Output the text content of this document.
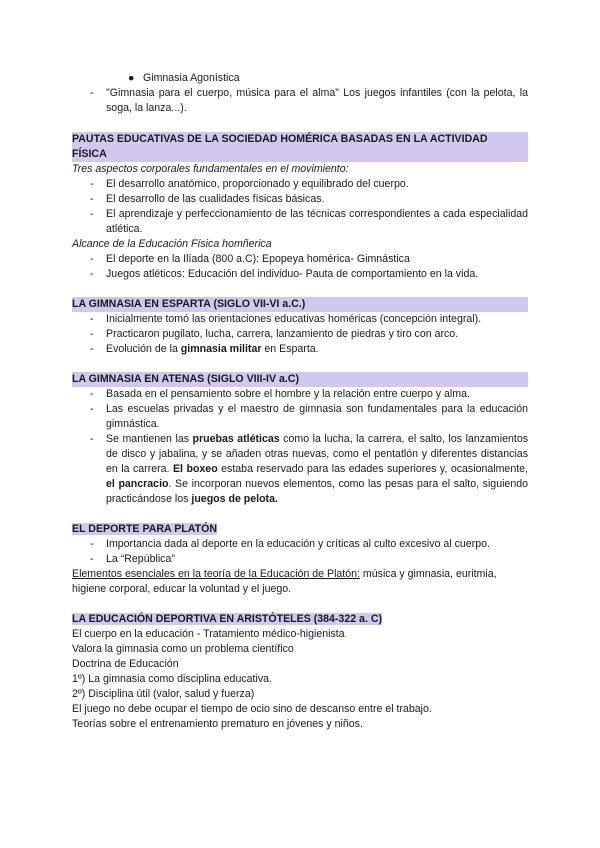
● Gimnasia Agonística

- "Gimnasia para el cuerpo, música para el alma" Los juegos infantiles (con la pelota, la soga, la lanza...).

PAUTAS EDUCATIVAS DE LA SOCIEDAD HOMÉRICA BASADAS EN LA ACTIVIDAD
FÍSICA

Tres aspectos corporales fundamentales en el movimiento:

- El desarrollo anatómico, proporcionado y equilibrado del cuerpo.

- El desarrollo de las cualidades físicas básicas.

- El aprendizaje y perfeccionamiento de las técnicas correspondientes a cada especialidad atlética.

Alcance de la Educación Física homñerica

- El deporte en la Ilíada (800 a.C): Epopeya homérica- Gimnástica

- Juegos atléticos: Educación del individuo- Pauta de comportamiento en la vida.

LA GIMNASIA EN ESPARTA (SIGLO VII-VI a.C.)

- Inicialmente tomó las orientaciones educativas homéricas (concepción integral).

- Practicaron pugilato, lucha, carrera, lanzamiento de piedras y tiro con arco.

- Evolución de la gimnasia militar en Esparta.

LA GIMNASIA EN ATENAS (SIGLO VIII-IV a.C)

- Basada en el pensamiento sobre el hombre y la relación entre cuerpo y alma.

- Las escuelas privadas y el maestro de gimnasia son fundamentales para la educación gimnástica.

- Se mantienen las pruebas atléticas como la lucha, la carrera, el salto, los lanzamientos de disco y jabalina, y se añaden otras nuevas, como el pentatlón y diferentes distancias en la carrera. El boxeo estaba reservado para las edades superiores y, ocasionalmente, el pancracio. Se incorporan nuevos elementos, como las pesas para el salto, siguiendo practicándose los juegos de pelota.

EL DEPORTE PARA PLATÓN

- Importancia dada al deporte en la educación y críticas al culto excesivo al cuerpo.

- La “República”

Elementos esenciales en la teoría de la Educación de Platón: música y gimnasia, euritmia, higiene corporal, educar la voluntad y el juego.

LA EDUCACIÓN DEPORTIVA EN ARISTÓTELES (384-322 a. C)

El cuerpo en la educación - Tratamiento médico-higienista

Valora la gimnasia como un problema científico

Doctrina de Educación

1º) La gimnasia como disciplina educativa.

2º) Disciplina útil (valor, salud y fuerza)

El juego no debe ocupar el tiempo de ocio sino de descanso entre el trabajo.

Teorías sobre el entrenamiento prematuro en jóvenes y niños.
